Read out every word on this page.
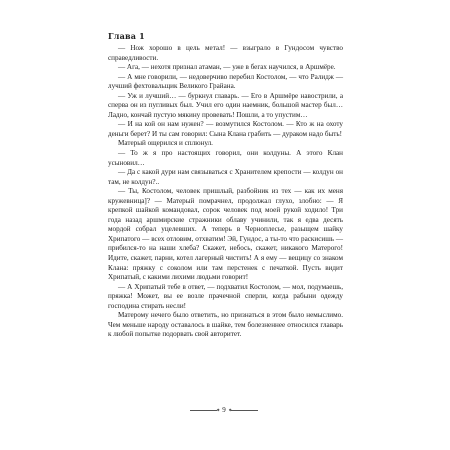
Глава 1

— Нож хорошо в цель метал! — взыграло в Гундосом чувство справедливости.

— Ага, — нехотя признал атаман, — уже в бегах научился, в Аршмёре.

— А мне говорили, — недоверчиво перебил Костолом, — что Ралидж — лучший фехтовальщик Великого Грайана.

— Уж и лучший… — буркнул главарь. — Его в Аршмёре навострили, а сперва он из пугливых был. Учил его один наемник, большой мастер был… Ладно, кончай пустую мякину провевать! Пошли, а то упустим…

— И на кой он нам нужен? — возмутился Костолом. — Кто ж на охоту деньги берет? И ты сам говорил: Сына Клана грабить — дураком надо быть!

Матерый ощерился и сплюнул.

— То ж я про настоящих говорил, они колдуны. А этого Клан усыновил…

— Да с какой дури нам связываться с Хранителем крепости — колдун он там, не колдун?..

— Ты, Костолом, человек пришлый, разбойник из тех — как их меня кружевница]? — Матерый помрачнел, продолжал глухо, злобно: — Я крепкой шайкой командовал, сорок человек под моей рукой ходило! Три года назад аршмирские стражники облаву учинили, так я едва десять мордой собрал уцелевших. А теперь в Черноплесье, разыщем шайку Хрипатого — всех отловим, отхватим! Эй, Гундос, а ты-то что раскисишь — прибился-то на наши хлеба? Скажет, небось, скажет, никакого Матерого! Идите, скажет, парни, котел лагерный чистить! А я ему — вещицу со знаком Клана: пряжку с соколом или там перстенек с печаткой. Пусть видит Хрипатый, с какими лихими людьми говорит!

— А Хрипатый тебе в ответ, — подхватил Костолом, — мол, подумаешь, пряжка! Может, вы ее возле прачечной сперли, когда рабыни одежду господина стирать несли!

Матерому нечего было ответить, но признаться в этом было немыслимо. Чем меньше народу оставалось в шайке, тем болезненнее относился главарь к любой попытке подорвать свой авторитет.

9
